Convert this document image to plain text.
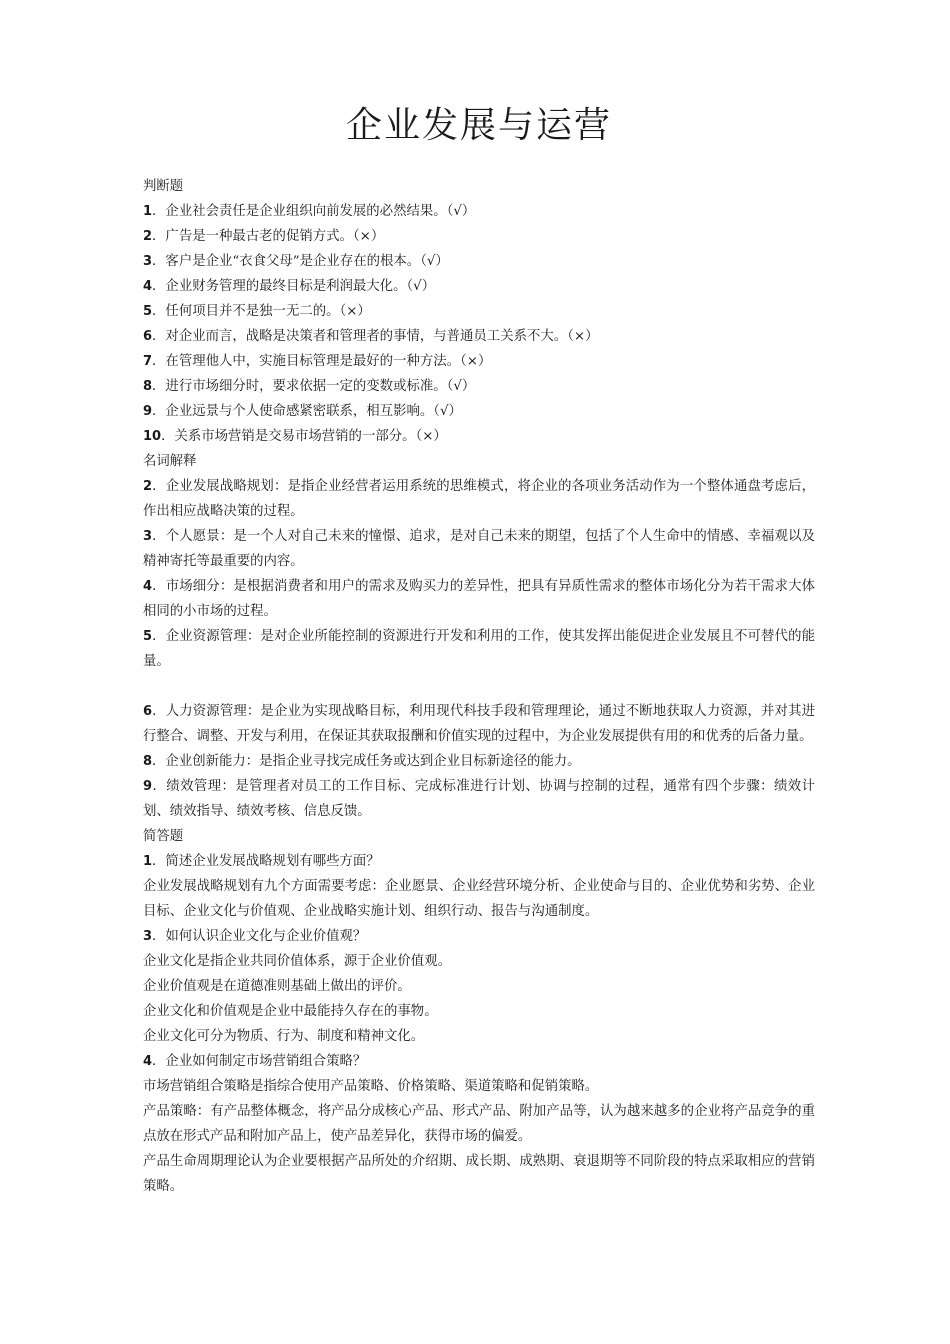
企业发展与运营

判断题

1．企业社会责任是企业组织向前发展的必然结果。（√）

2．广告是一种最古老的促销方式。（×）

3．客户是企业“衣食父母”是企业存在的根本。（√）

4．企业财务管理的最终目标是利润最大化。（√）

5．任何项目并不是独一无二的。（×）

6．对企业而言，战略是决策者和管理者的事情，与普通员工关系不大。（×）

7．在管理他人中，实施目标管理是最好的一种方法。（×）

8．进行市场细分时，要求依据一定的变数或标准。（√）

9．企业远景与个人使命感紧密联系，相互影响。（√）

10．关系市场营销是交易市场营销的一部分。（×）

名词解释

2．企业发展战略规划：是指企业经营者运用系统的思维模式，将企业的各项业务活动作为一个整体通盘考虑后，作出相应战略决策的过程。

3．个人愿景：是一个人对自己未来的憧憬、追求，是对自己未来的期望，包括了个人生命中的情感、幸福观以及精神寄托等最重要的内容。

4．市场细分：是根据消费者和用户的需求及购买力的差异性，把具有异质性需求的整体市场化分为若干需求大体相同的小市场的过程。

5．企业资源管理：是对企业所能控制的资源进行开发和利用的工作，使其发挥出能促进企业发展且不可替代的能量。

6．人力资源管理：是企业为实现战略目标，利用现代科技手段和管理理论，通过不断地获取人力资源，并对其进行整合、调整、开发与利用，在保证其获取报酬和价值实现的过程中，为企业发展提供有用的和优秀的后备力量。

8．企业创新能力：是指企业寻找完成任务或达到企业目标新途径的能力。

9．绩效管理：是管理者对员工的工作目标、完成标准进行计划、协调与控制的过程，通常有四个步骤：绩效计划、绩效指导、绩效考核、信息反馈。

简答题

1．简述企业发展战略规划有哪些方面？

企业发展战略规划有九个方面需要考虑：企业愿景、企业经营环境分析、企业使命与目的、企业优势和劣势、企业目标、企业文化与价值观、企业战略实施计划、组织行动、报告与沟通制度。

3．如何认识企业文化与企业价值观？

企业文化是指企业共同价值体系，源于企业价值观。

企业价值观是在道德准则基础上做出的评价。

企业文化和价值观是企业中最能持久存在的事物。

企业文化可分为物质、行为、制度和精神文化。

4．企业如何制定市场营销组合策略？

市场营销组合策略是指综合使用产品策略、价格策略、渠道策略和促销策略。

产品策略：有产品整体概念，将产品分成核心产品、形式产品、附加产品等，认为越来越多的企业将产品竞争的重点放在形式产品和附加产品上，使产品差异化，获得市场的偏爱。

产品生命周期理论认为企业要根据产品所处的介绍期、成长期、成熟期、衰退期等不同阶段的特点采取相应的营销策略。
